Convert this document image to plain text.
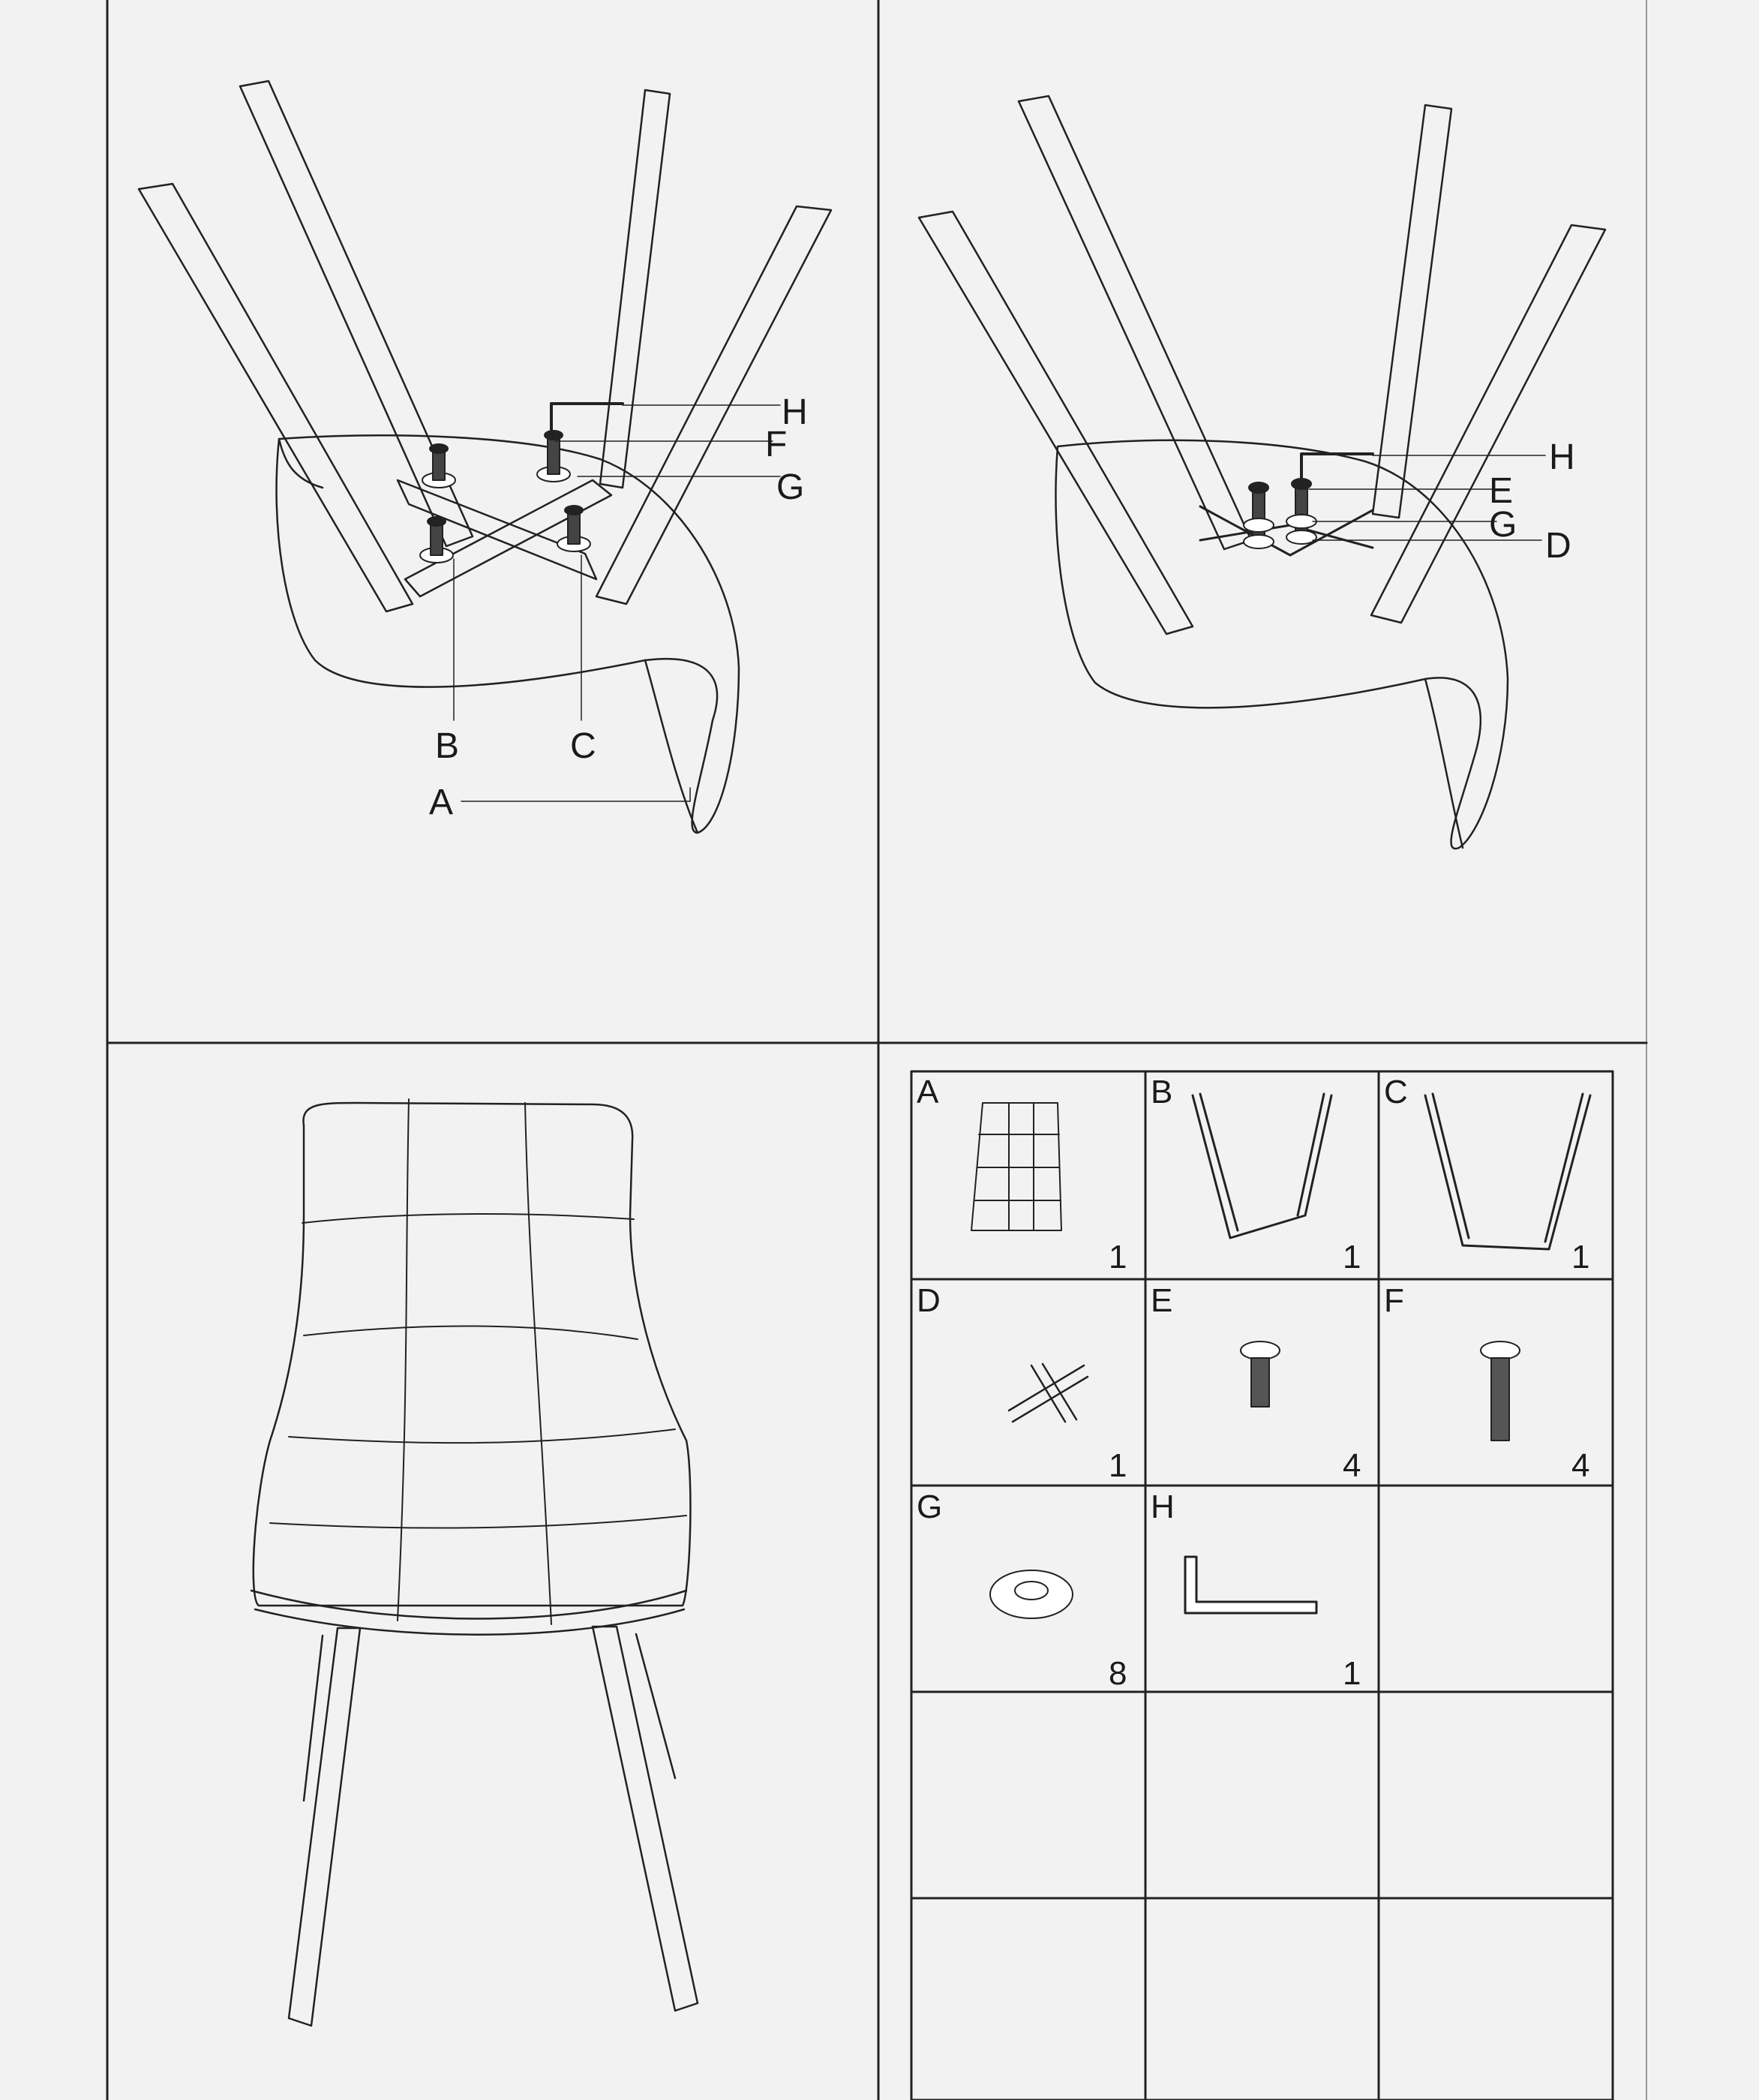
H
F
G
B	C
A
H
E
G
D
A
1
B
1
C
1
D
1
E
4
F
4
G
8
H
1
